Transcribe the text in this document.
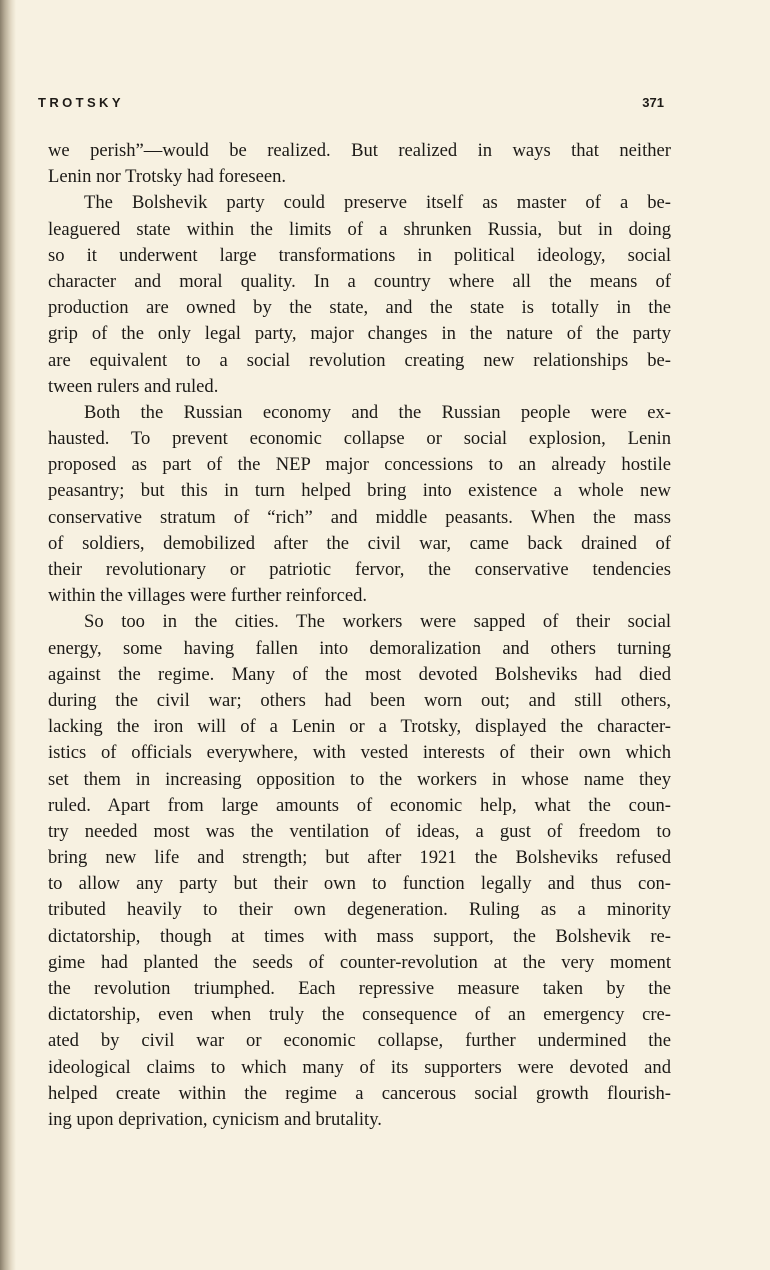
TROTSKY	371
we perish”—would be realized. But realized in ways that neither
Lenin nor Trotsky had foreseen.
The Bolshevik party could preserve itself as master of a be-
leaguered state within the limits of a shrunken Russia, but in doing
so it underwent large transformations in political ideology, social
character and moral quality. In a country where all the means of
production are owned by the state, and the state is totally in the
grip of the only legal party, major changes in the nature of the party
are equivalent to a social revolution creating new relationships be-
tween rulers and ruled.
Both the Russian economy and the Russian people were ex-
hausted. To prevent economic collapse or social explosion, Lenin
proposed as part of the NEP major concessions to an already hostile
peasantry; but this in turn helped bring into existence a whole new
conservative stratum of “rich” and middle peasants. When the mass
of soldiers, demobilized after the civil war, came back drained of
their revolutionary or patriotic fervor, the conservative tendencies
within the villages were further reinforced.
So too in the cities. The workers were sapped of their social
energy, some having fallen into demoralization and others turning
against the regime. Many of the most devoted Bolsheviks had died
during the civil war; others had been worn out; and still others,
lacking the iron will of a Lenin or a Trotsky, displayed the character-
istics of officials everywhere, with vested interests of their own which
set them in increasing opposition to the workers in whose name they
ruled. Apart from large amounts of economic help, what the coun-
try needed most was the ventilation of ideas, a gust of freedom to
bring new life and strength; but after 1921 the Bolsheviks refused
to allow any party but their own to function legally and thus con-
tributed heavily to their own degeneration. Ruling as a minority
dictatorship, though at times with mass support, the Bolshevik re-
gime had planted the seeds of counter-revolution at the very moment
the revolution triumphed. Each repressive measure taken by the
dictatorship, even when truly the consequence of an emergency cre-
ated by civil war or economic collapse, further undermined the
ideological claims to which many of its supporters were devoted and
helped create within the regime a cancerous social growth flourish-
ing upon deprivation, cynicism and brutality.
